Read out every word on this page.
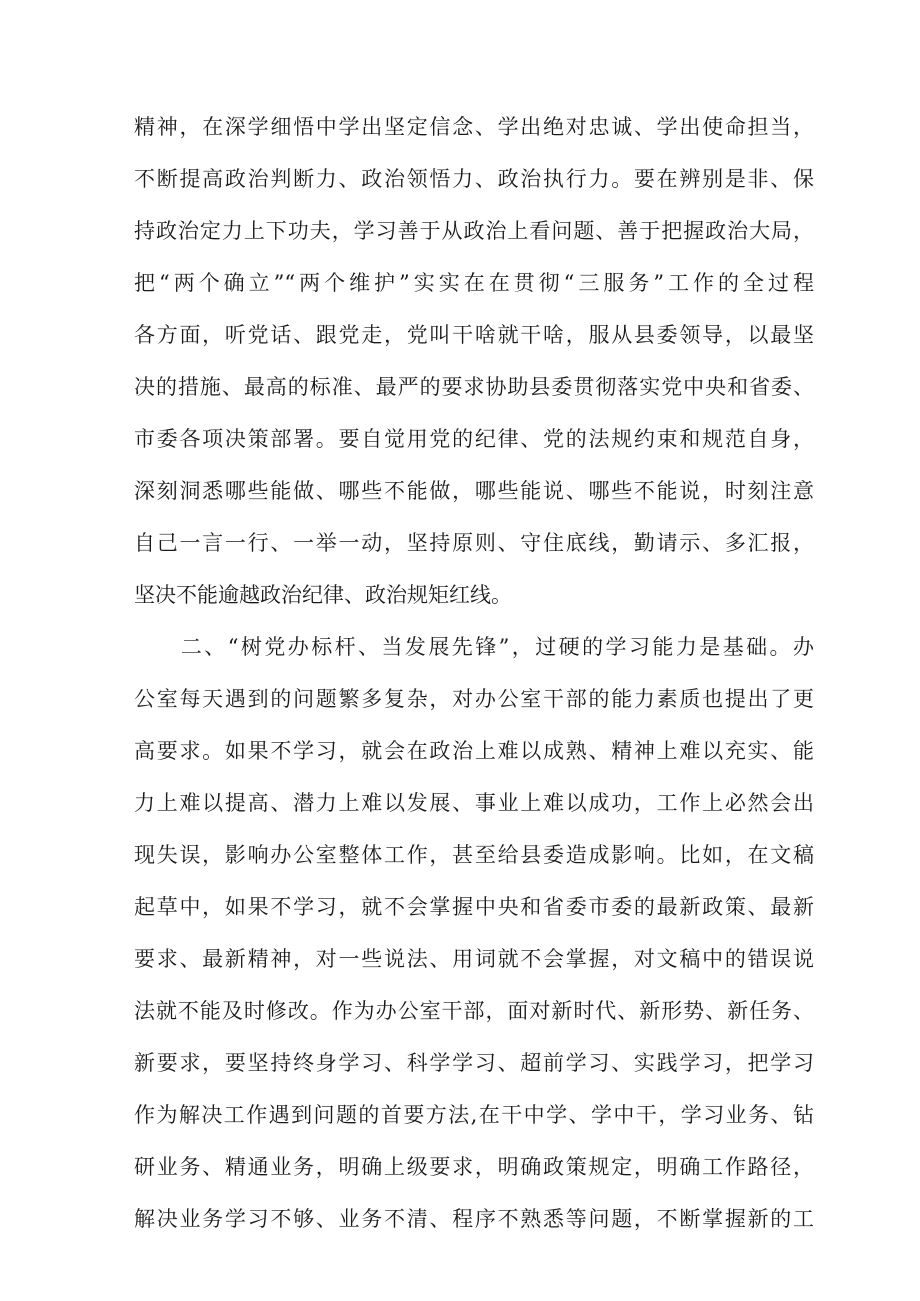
精神，在深学细悟中学出坚定信念、学出绝对忠诚、学出使命担当，
不断提高政治判断力、政治领悟力、政治执行力。要在辨别是非、保
持政治定力上下功夫，学习善于从政治上看问题、善于把握政治大局，
把“两个确立”“两个维护”实实在在贯彻“三服务”工作的全过程
各方面，听党话、跟党走，党叫干啥就干啥，服从县委领导，以最坚
决的措施、最高的标准、最严的要求协助县委贯彻落实党中央和省委、
市委各项决策部署。要自觉用党的纪律、党的法规约束和规范自身，
深刻洞悉哪些能做、哪些不能做，哪些能说、哪些不能说，时刻注意
自己一言一行、一举一动，坚持原则、守住底线，勤请示、多汇报，
坚决不能逾越政治纪律、政治规矩红线。
　　二、“树党办标杆、当发展先锋”，过硬的学习能力是基础。办
公室每天遇到的问题繁多复杂，对办公室干部的能力素质也提出了更
高要求。如果不学习，就会在政治上难以成熟、精神上难以充实、能
力上难以提高、潜力上难以发展、事业上难以成功，工作上必然会出
现失误，影响办公室整体工作，甚至给县委造成影响。比如，在文稿
起草中，如果不学习，就不会掌握中央和省委市委的最新政策、最新
要求、最新精神，对一些说法、用词就不会掌握，对文稿中的错误说
法就不能及时修改。作为办公室干部，面对新时代、新形势、新任务、
新要求，要坚持终身学习、科学学习、超前学习、实践学习，把学习
作为解决工作遇到问题的首要方法,在干中学、学中干，学习业务、钻
研业务、精通业务，明确上级要求，明确政策规定，明确工作路径，
解决业务学习不够、业务不清、程序不熟悉等问题，不断掌握新的工
